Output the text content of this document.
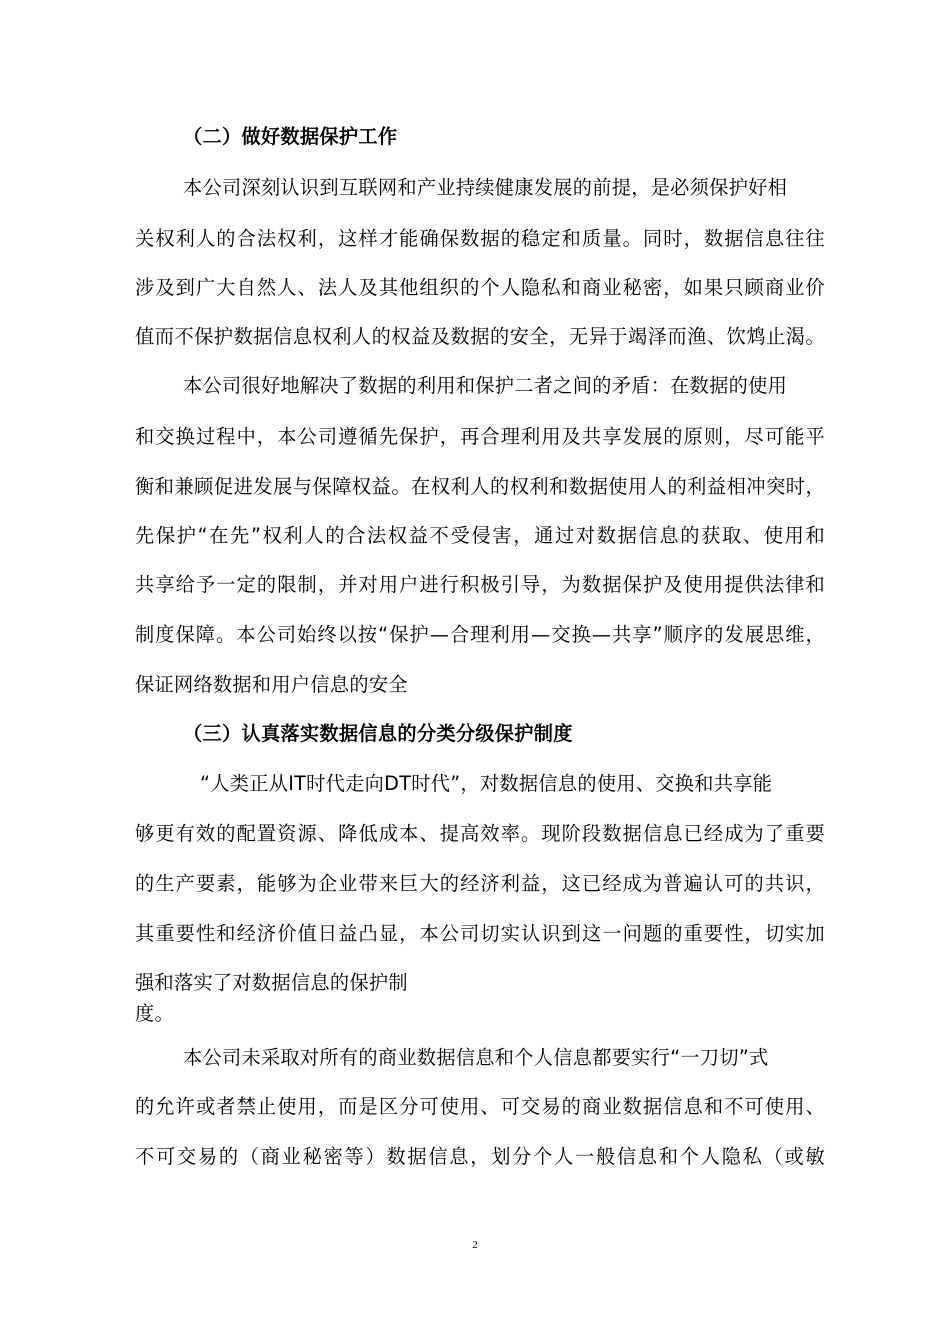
（二）做好数据保护工作
本公司深刻认识到互联网和产业持续健康发展的前提，是必须保护好相
关权利人的合法权利，这样才能确保数据的稳定和质量。同时，数据信息往往
涉及到广大自然人、法人及其他组织的个人隐私和商业秘密，如果只顾商业价
值而不保护数据信息权利人的权益及数据的安全，无异于竭泽而渔、饮鸩止渴。
本公司很好地解决了数据的利用和保护二者之间的矛盾：在数据的使用
和交换过程中，本公司遵循先保护，再合理利用及共享发展的原则，尽可能平
衡和兼顾促进发展与保障权益。在权利人的权利和数据使用人的利益相冲突时，
先保护“在先”权利人的合法权益不受侵害，通过对数据信息的获取、使用和
共享给予一定的限制，并对用户进行积极引导，为数据保护及使用提供法律和
制度保障。本公司始终以按“保护—合理利用—交换—共享”顺序的发展思维，
保证网络数据和用户信息的安全
（三）认真落实数据信息的分类分级保护制度
“人类正从IT时代走向DT时代”，对数据信息的使用、交换和共享能
够更有效的配置资源、降低成本、提高效率。现阶段数据信息已经成为了重要
的生产要素，能够为企业带来巨大的经济利益，这已经成为普遍认可的共识，
其重要性和经济价值日益凸显，本公司切实认识到这一问题的重要性，切实加
强和落实了对数据信息的保护制
度。
本公司未采取对所有的商业数据信息和个人信息都要实行“一刀切”式
的允许或者禁止使用，而是区分可使用、可交易的商业数据信息和不可使用、
不可交易的（商业秘密等）数据信息，划分个人一般信息和个人隐私（或敏
2
